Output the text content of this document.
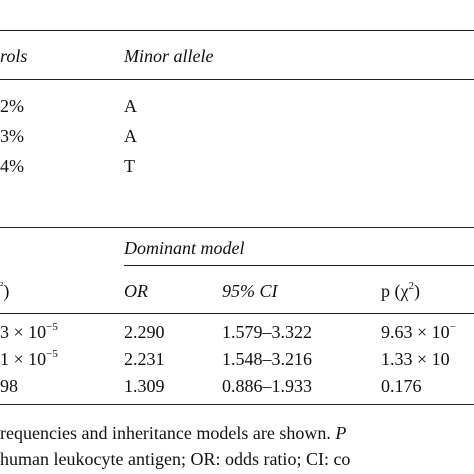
rols	Minor allele
2%	A
3%	A
4%	T
Dominant model
$^{^2}$)	OR	95% CI	p $(\chi^2)$
$3 \times 10^{-5}$	2.290	1.579–3.322	9.63 × 10−
$1 \times 10^{-5}$	2.231	1.548–3.216	1.33 × 10
98	1.309	0.886–1.933	0.176
requencies and inheritance models are shown. P
human leukocyte antigen; OR: odds ratio; CI: co
